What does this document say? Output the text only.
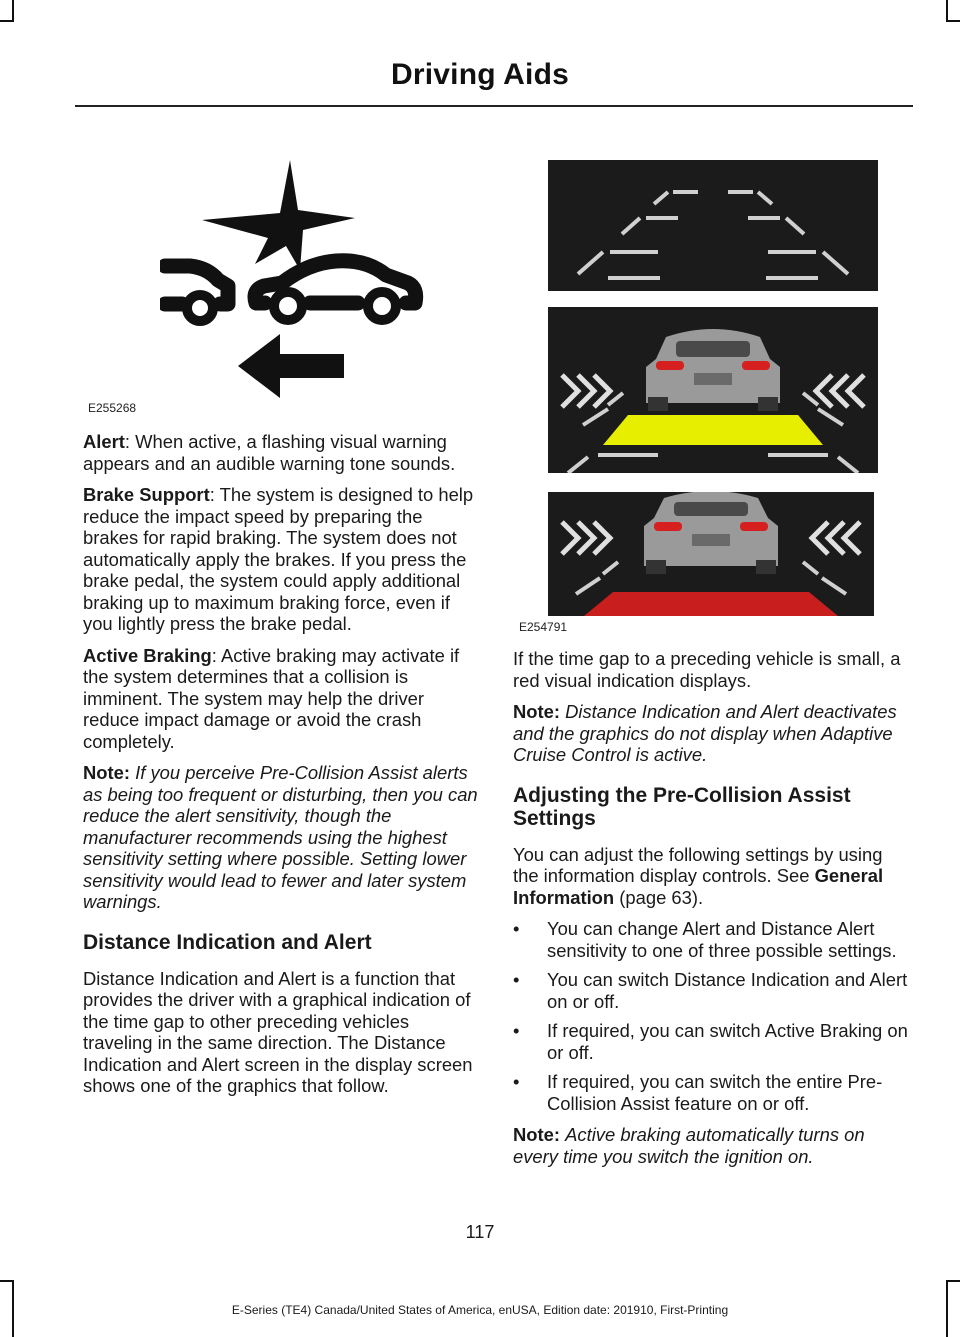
Driving Aids
E255268
E254791

Alert: When active, a flashing visual warning appears and an audible warning tone sounds.

Brake Support: The system is designed to help reduce the impact speed by preparing the brakes for rapid braking. The system does not automatically apply the brakes. If you press the brake pedal, the system could apply additional braking up to maximum braking force, even if you lightly press the brake pedal.

Active Braking: Active braking may activate if the system determines that a collision is imminent. The system may help the driver reduce impact damage or avoid the crash completely.

Note: If you perceive Pre-Collision Assist alerts as being too frequent or disturbing, then you can reduce the alert sensitivity, though the manufacturer recommends using the highest sensitivity setting where possible. Setting lower sensitivity would lead to fewer and later system warnings.

Distance Indication and Alert

Distance Indication and Alert is a function that provides the driver with a graphical indication of the time gap to other preceding vehicles traveling in the same direction. The Distance Indication and Alert screen in the display screen shows one of the graphics that follow.

If the time gap to a preceding vehicle is small, a red visual indication displays.

Note: Distance Indication and Alert deactivates and the graphics do not display when Adaptive Cruise Control is active.

Adjusting the Pre-Collision Assist Settings

You can adjust the following settings by using the information display controls. See General Information (page 63).

• You can change Alert and Distance Alert sensitivity to one of three possible settings.
• You can switch Distance Indication and Alert on or off.
• If required, you can switch Active Braking on or off.
• If required, you can switch the entire Pre-Collision Assist feature on or off.

Note: Active braking automatically turns on every time you switch the ignition on.

117
E-Series (TE4) Canada/United States of America, enUSA, Edition date: 201910, First-Printing
